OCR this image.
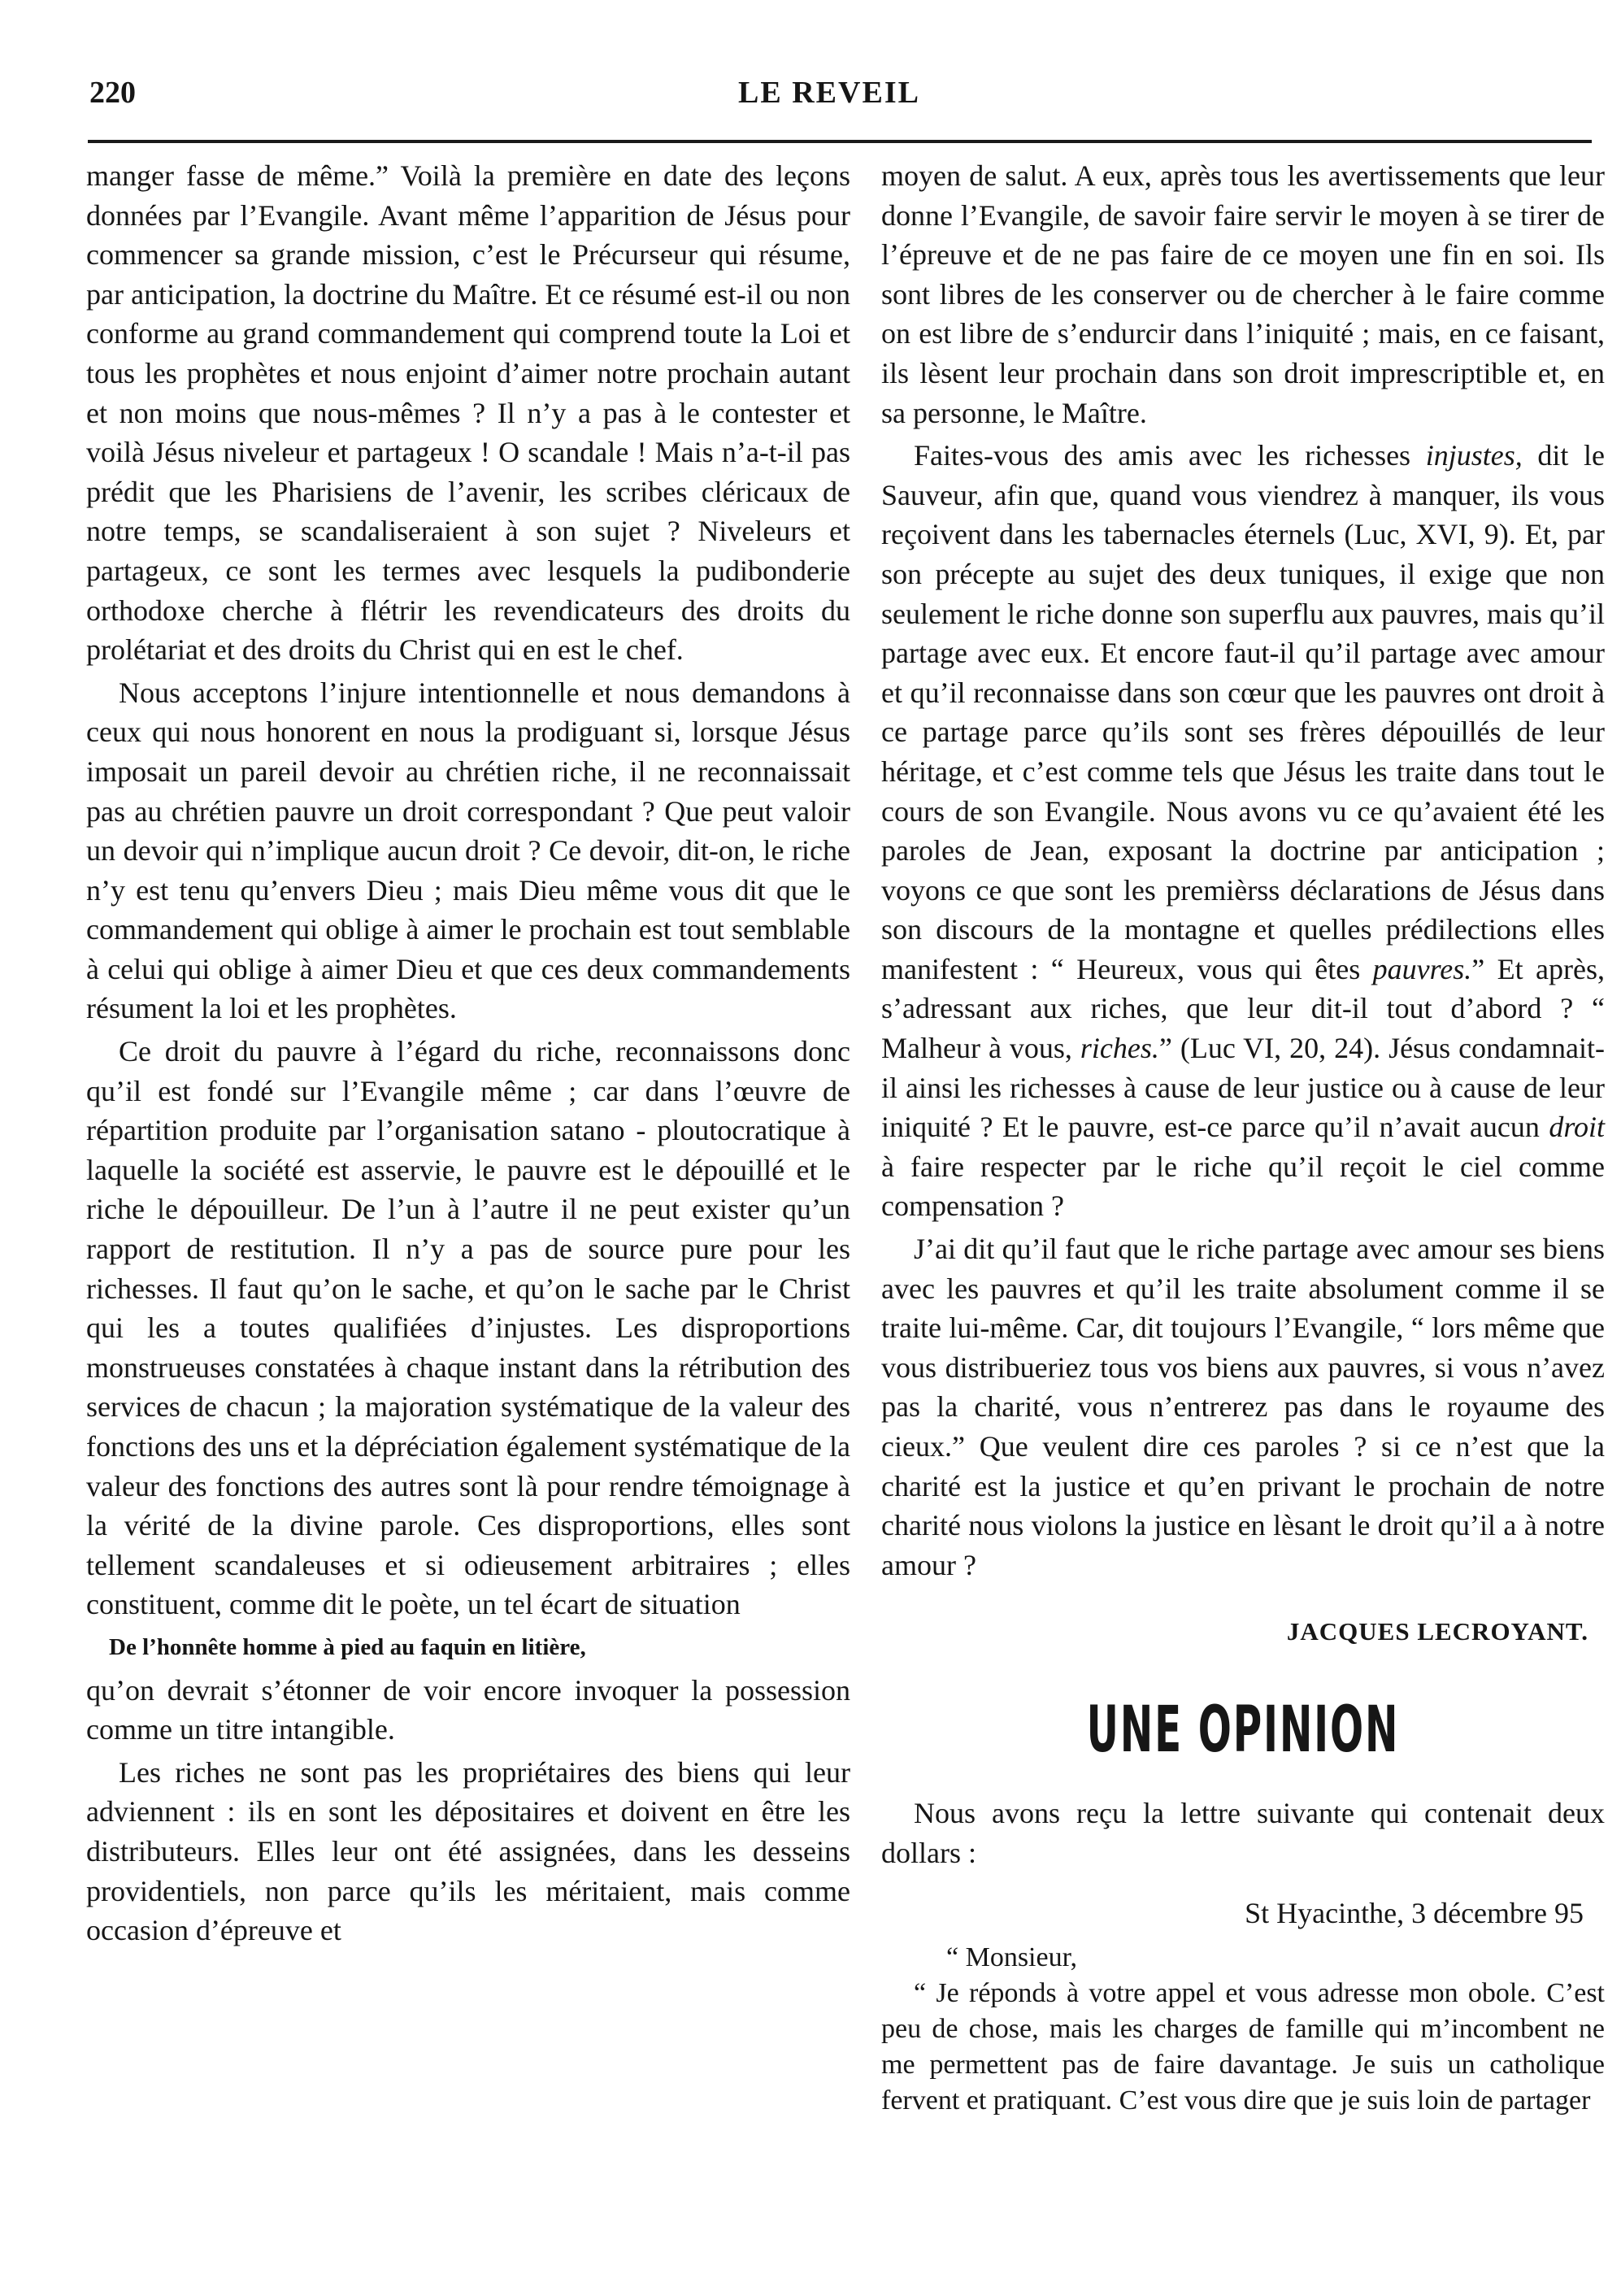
220	LE REVEIL

manger fasse de même.” Voilà la première en date des leçons données par l’Evangile. Avant même l’apparition de Jésus pour commencer sa grande mission, c’est le Précurseur qui résume, par anticipation, la doctrine du Maître. Et ce résumé est-il ou non conforme au grand commandement qui comprend toute la Loi et tous les prophètes et nous enjoint d’aimer notre prochain autant et non moins que nous-mêmes ? Il n’y a pas à le contester et voilà Jésus niveleur et partageux ! O scandale ! Mais n’a-t-il pas prédit que les Pharisiens de l’avenir, les scribes cléricaux de notre temps, se scandaliseraient à son sujet ? Niveleurs et partageux, ce sont les termes avec lesquels la pudibonderie orthodoxe cherche à flétrir les revendicateurs des droits du prolétariat et des droits du Christ qui en est le chef.

Nous acceptons l’injure intentionnelle et nous demandons à ceux qui nous honorent en nous la prodiguant si, lorsque Jésus imposait un pareil devoir au chrétien riche, il ne reconnaissait pas au chrétien pauvre un droit correspondant ? Que peut valoir un devoir qui n’implique aucun droit ? Ce devoir, dit-on, le riche n’y est tenu qu’envers Dieu ; mais Dieu même vous dit que le commandement qui oblige à aimer le prochain est tout semblable à celui qui oblige à aimer Dieu et que ces deux commandements résument la loi et les prophètes.

Ce droit du pauvre à l’égard du riche, reconnaissons donc qu’il est fondé sur l’Evangile même ; car dans l’œuvre de répartition produite par l’organisation satano - ploutocratique à laquelle la société est asservie, le pauvre est le dépouillé et le riche le dépouilleur. De l’un à l’autre il ne peut exister qu’un rapport de restitution. Il n’y a pas de source pure pour les richesses. Il faut qu’on le sache, et qu’on le sache par le Christ qui les a toutes qualifiées d’injustes. Les disproportions monstrueuses constatées à chaque instant dans la rétribution des services de chacun ; la majoration systématique de la valeur des fonctions des uns et la dépréciation également systématique de la valeur des fonctions des autres sont là pour rendre témoignage à la vérité de la divine parole. Ces disproportions, elles sont tellement scandaleuses et si odieusement arbitraires ; elles constituent, comme dit le poète, un tel écart de situation

De l’honnête homme à pied au faquin en litière,

qu’on devrait s’étonner de voir encore invoquer la possession comme un titre intangible.

Les riches ne sont pas les propriétaires des biens qui leur adviennent : ils en sont les dépositaires et doivent en être les distributeurs. Elles leur ont été assignées, dans les desseins providentiels, non parce qu’ils les méritaient, mais comme occasion d’épreuve et

moyen de salut. A eux, après tous les avertissements que leur donne l’Evangile, de savoir faire servir le moyen à se tirer de l’épreuve et de ne pas faire de ce moyen une fin en soi. Ils sont libres de les conserver ou de chercher à le faire comme on est libre de s’endurcir dans l’iniquité ; mais, en ce faisant, ils lèsent leur prochain dans son droit imprescriptible et, en sa personne, le Maître.

Faites-vous des amis avec les richesses injustes, dit le Sauveur, afin que, quand vous viendrez à manquer, ils vous reçoivent dans les tabernacles éternels (Luc, XVI, 9). Et, par son précepte au sujet des deux tuniques, il exige que non seulement le riche donne son superflu aux pauvres, mais qu’il partage avec eux. Et encore faut-il qu’il partage avec amour et qu’il reconnaisse dans son cœur que les pauvres ont droit à ce partage parce qu’ils sont ses frères dépouillés de leur héritage, et c’est comme tels que Jésus les traite dans tout le cours de son Evangile. Nous avons vu ce qu’avaient été les paroles de Jean, exposant la doctrine par anticipation ; voyons ce que sont les premièrss déclarations de Jésus dans son discours de la montagne et quelles prédilections elles manifestent : “ Heureux, vous qui êtes pauvres.” Et après, s’adressant aux riches, que leur dit-il tout d’abord ? “ Malheur à vous, riches.” (Luc VI, 20, 24). Jésus condamnait-il ainsi les richesses à cause de leur justice ou à cause de leur iniquité ? Et le pauvre, est-ce parce qu’il n’avait aucun droit à faire respecter par le riche qu’il reçoit le ciel comme compensation ?

J’ai dit qu’il faut que le riche partage avec amour ses biens avec les pauvres et qu’il les traite absolument comme il se traite lui-même. Car, dit toujours l’Evangile, “ lors même que vous distribueriez tous vos biens aux pauvres, si vous n’avez pas la charité, vous n’entrerez pas dans le royaume des cieux.” Que veulent dire ces paroles ? si ce n’est que la charité est la justice et qu’en privant le prochain de notre charité nous violons la justice en lèsant le droit qu’il a à notre amour ?

JACQUES LECROYANT.

UNE OPINION

Nous avons reçu la lettre suivante qui contenait deux dollars :

St Hyacinthe, 3 décembre 95

“ Monsieur,

“ Je réponds à votre appel et vous adresse mon obole. C’est peu de chose, mais les charges de famille qui m’incombent ne me permettent pas de faire davantage. Je suis un catholique fervent et pratiquant. C’est vous dire que je suis loin de partager
